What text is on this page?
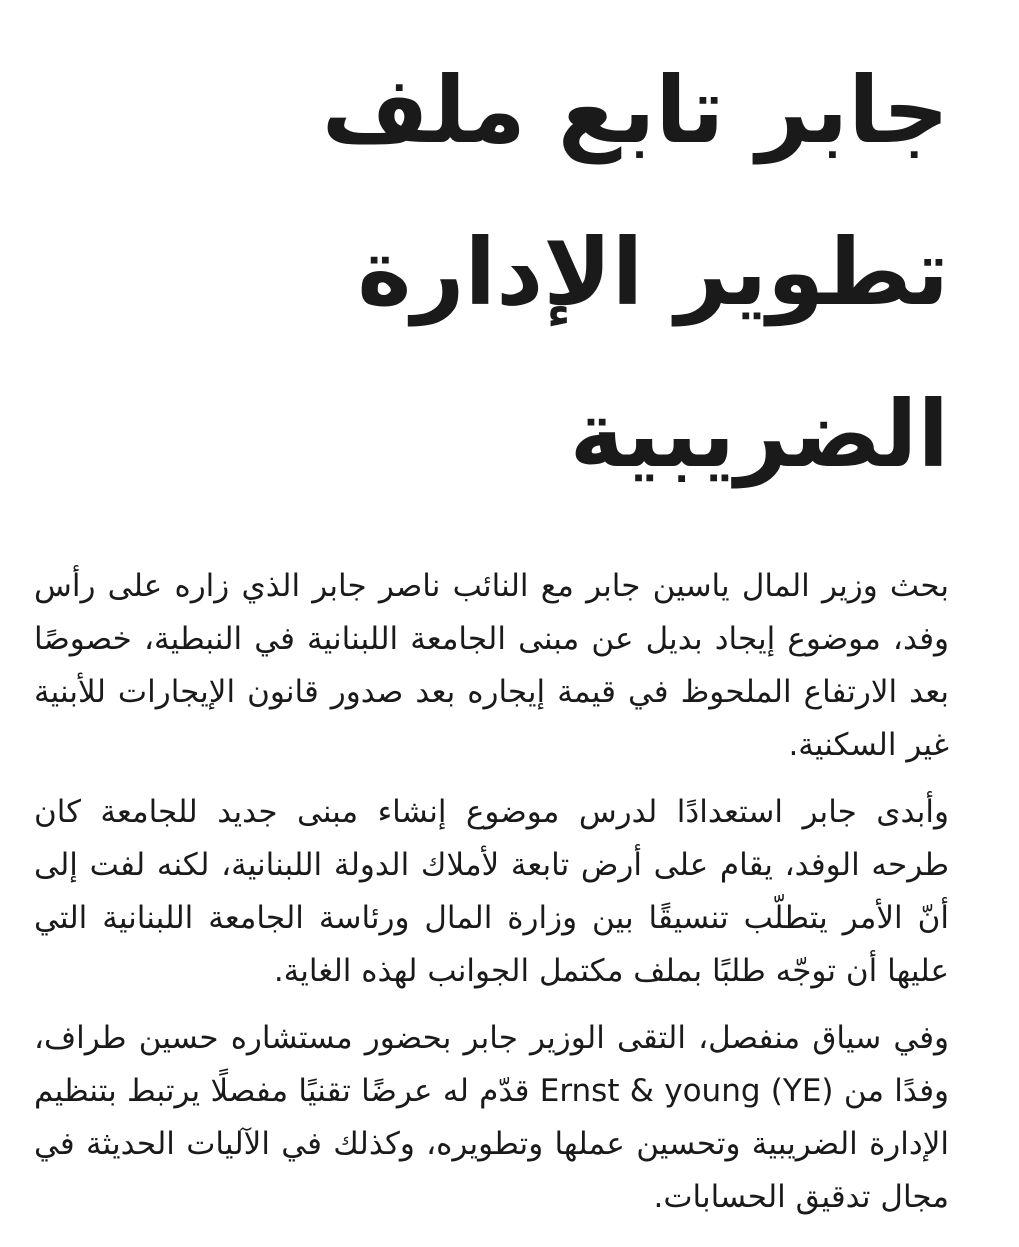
جابر تابع ملف
تطوير الإدارة
الضريبية

بحث وزير المال ياسين جابر مع النائب ناصر جابر الذي زاره على رأس وفد، موضوع إيجاد بديل عن مبنى الجامعة اللبنانية في النبطية، خصوصًا بعد الارتفاع الملحوظ في قيمة إيجاره بعد صدور قانون الإيجارات للأبنية غير السكنية.

وأبدى جابر استعدادًا لدرس موضوع إنشاء مبنى جديد للجامعة كان طرحه الوفد، يقام على أرض تابعة لأملاك الدولة اللبنانية، لكنه لفت إلى أنّ الأمر يتطلّب تنسيقًا بين وزارة المال ورئاسة الجامعة اللبنانية التي عليها أن توجّه طلبًا بملف مكتمل الجوانب لهذه الغاية.

وفي سياق منفصل، التقى الوزير جابر بحضور مستشاره حسين طراف، وفدًا من Ernst & young (YE) قدّم له عرضًا تقنيًا مفصلًا يرتبط بتنظيم الإدارة الضريبية وتحسين عملها وتطويره، وكذلك في الآليات الحديثة في مجال تدقيق الحسابات.
